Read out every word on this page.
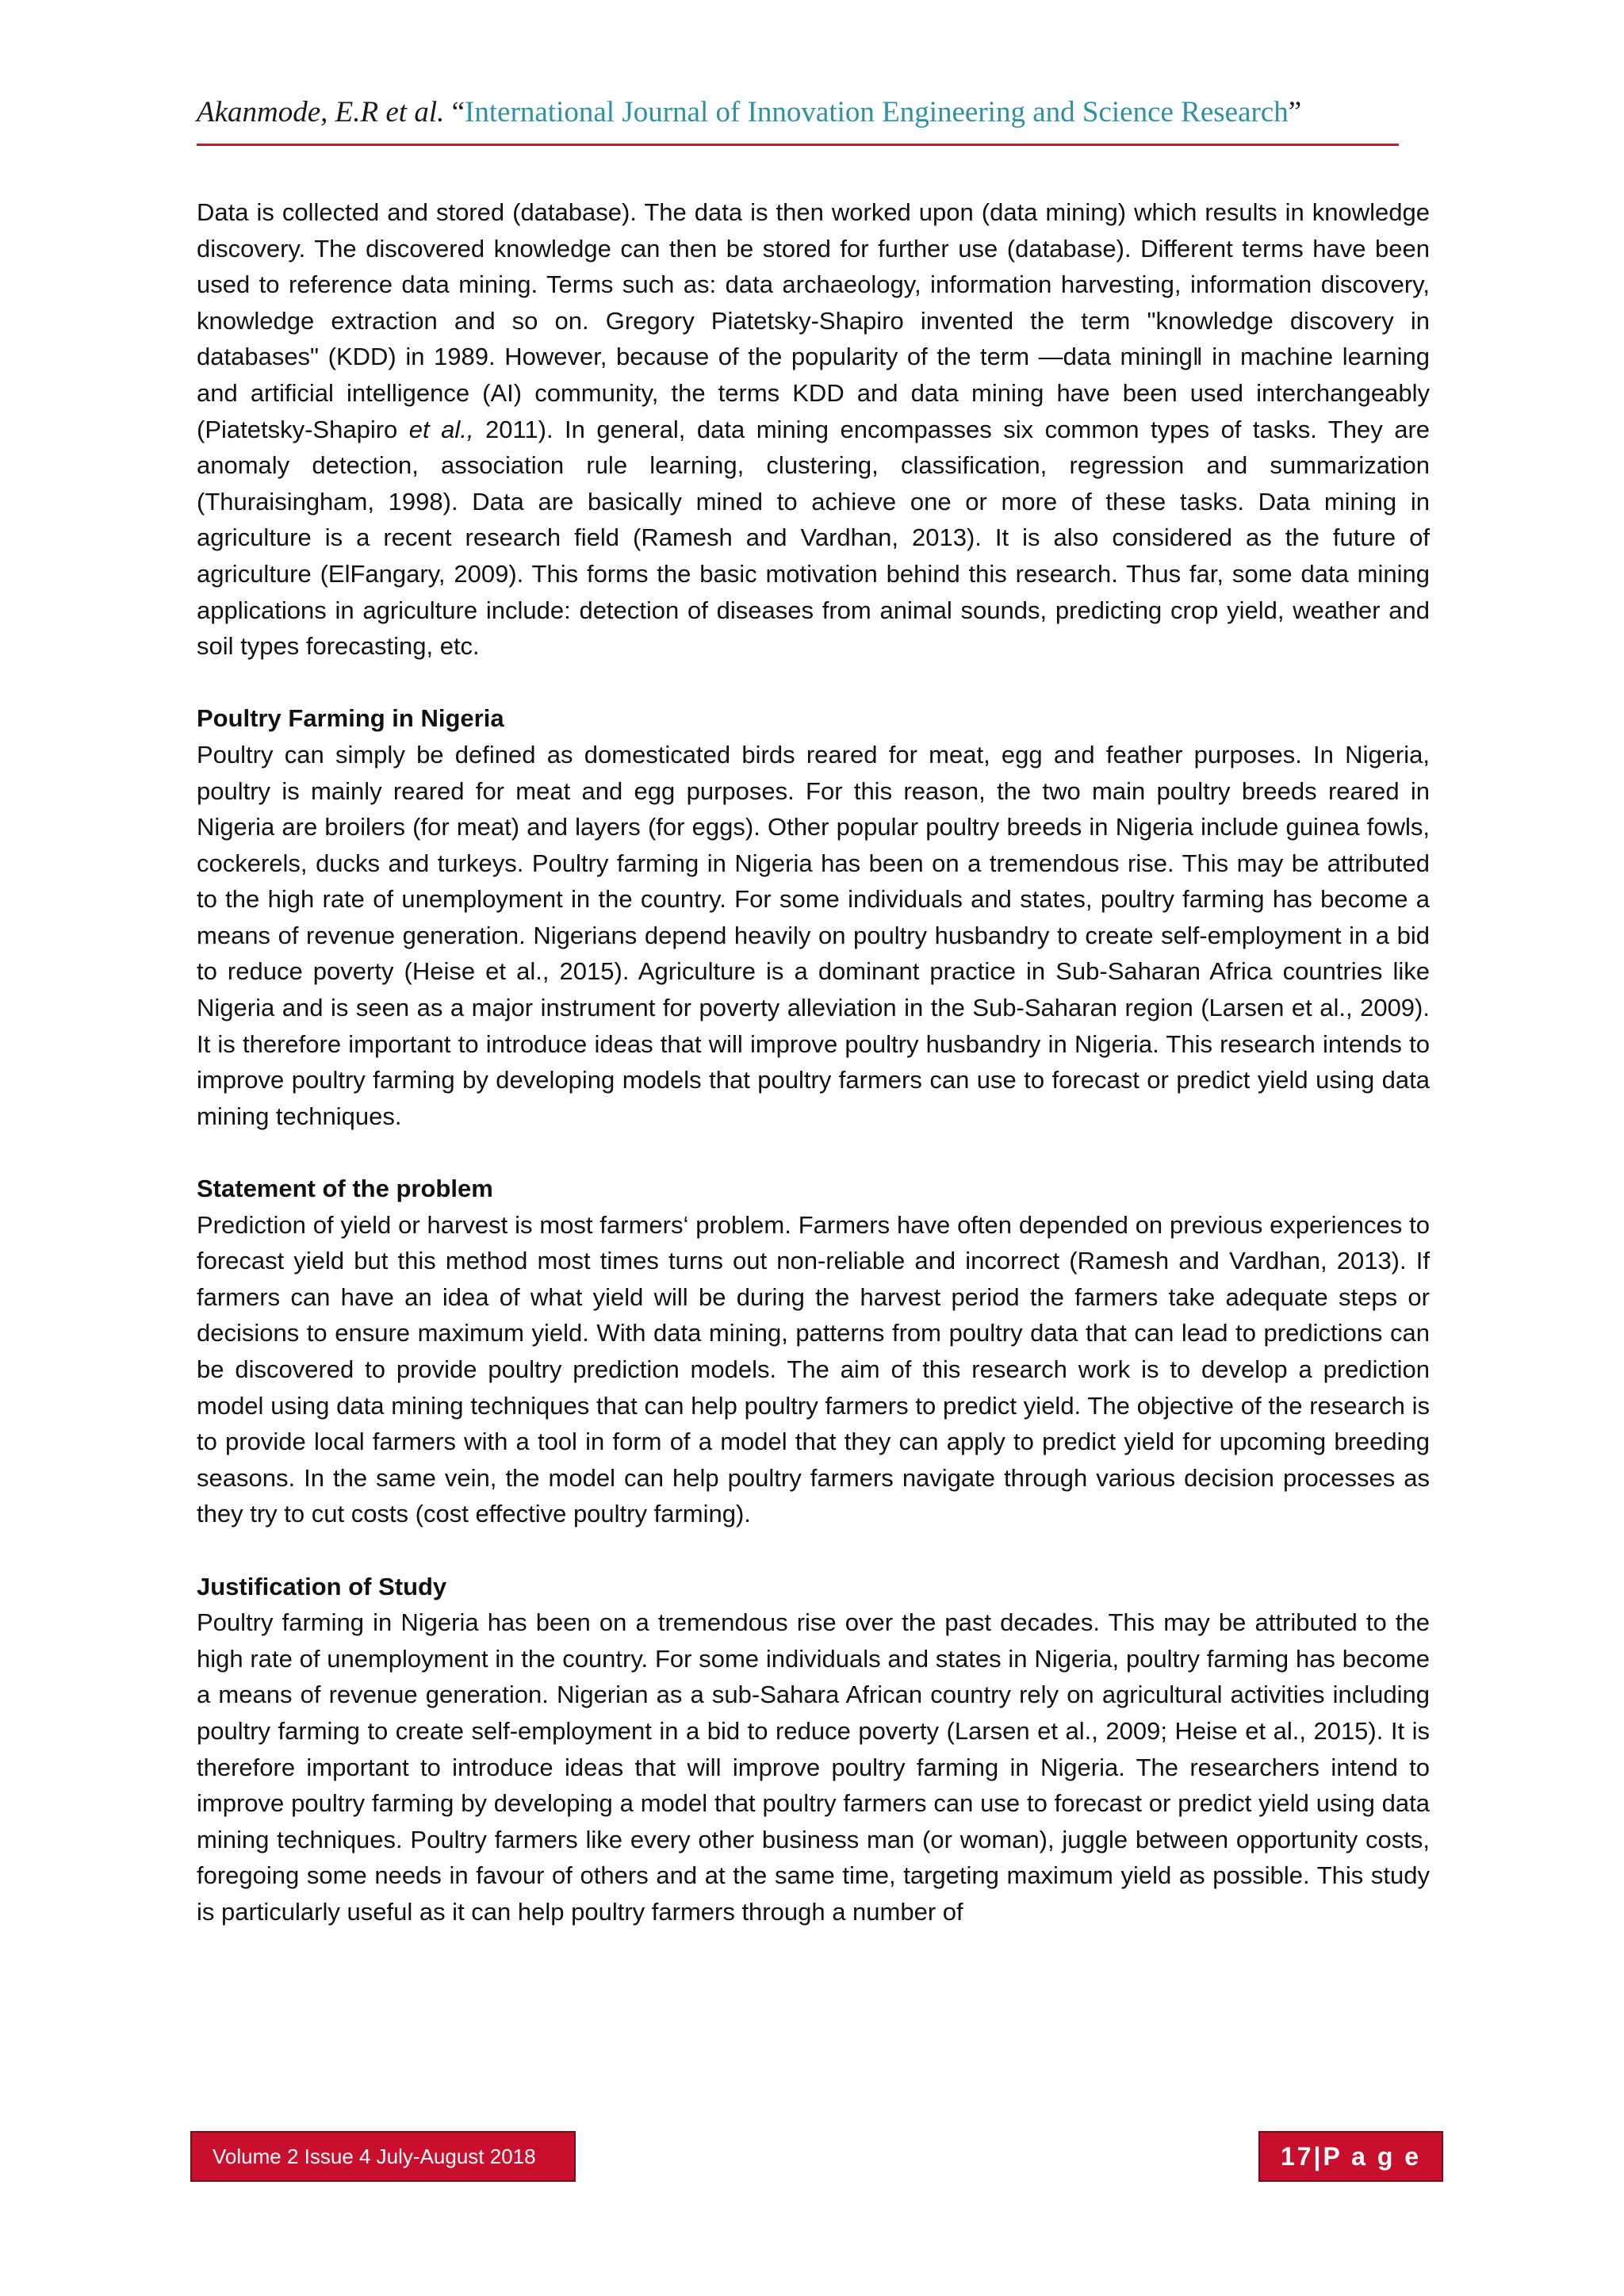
Akanmode, E.R et al. “International Journal of Innovation Engineering and Science Research”

Data is collected and stored (database). The data is then worked upon (data mining) which results in knowledge discovery. The discovered knowledge can then be stored for further use (database). Different terms have been used to reference data mining. Terms such as: data archaeology, information harvesting, information discovery, knowledge extraction and so on. Gregory Piatetsky-Shapiro invented the term "knowledge discovery in databases" (KDD) in 1989. However, because of the popularity of the term ―data mining‖ in machine learning and artificial intelligence (AI) community, the terms KDD and data mining have been used interchangeably (Piatetsky-Shapiro et al., 2011). In general, data mining encompasses six common types of tasks. They are anomaly detection, association rule learning, clustering, classification, regression and summarization (Thuraisingham, 1998). Data are basically mined to achieve one or more of these tasks. Data mining in agriculture is a recent research field (Ramesh and Vardhan, 2013). It is also considered as the future of agriculture (ElFangary, 2009). This forms the basic motivation behind this research. Thus far, some data mining applications in agriculture include: detection of diseases from animal sounds, predicting crop yield, weather and soil types forecasting, etc.

Poultry Farming in Nigeria

Poultry can simply be defined as domesticated birds reared for meat, egg and feather purposes. In Nigeria, poultry is mainly reared for meat and egg purposes. For this reason, the two main poultry breeds reared in Nigeria are broilers (for meat) and layers (for eggs). Other popular poultry breeds in Nigeria include guinea fowls, cockerels, ducks and turkeys. Poultry farming in Nigeria has been on a tremendous rise. This may be attributed to the high rate of unemployment in the country. For some individuals and states, poultry farming has become a means of revenue generation. Nigerians depend heavily on poultry husbandry to create self-employment in a bid to reduce poverty (Heise et al., 2015). Agriculture is a dominant practice in Sub-Saharan Africa countries like Nigeria and is seen as a major instrument for poverty alleviation in the Sub-Saharan region (Larsen et al., 2009). It is therefore important to introduce ideas that will improve poultry husbandry in Nigeria. This research intends to improve poultry farming by developing models that poultry farmers can use to forecast or predict yield using data mining techniques.

Statement of the problem

Prediction of yield or harvest is most farmers‘ problem. Farmers have often depended on previous experiences to forecast yield but this method most times turns out non-reliable and incorrect (Ramesh and Vardhan, 2013). If farmers can have an idea of what yield will be during the harvest period the farmers take adequate steps or decisions to ensure maximum yield. With data mining, patterns from poultry data that can lead to predictions can be discovered to provide poultry prediction models. The aim of this research work is to develop a prediction model using data mining techniques that can help poultry farmers to predict yield. The objective of the research is to provide local farmers with a tool in form of a model that they can apply to predict yield for upcoming breeding seasons. In the same vein, the model can help poultry farmers navigate through various decision processes as they try to cut costs (cost effective poultry farming).

Justification of Study

Poultry farming in Nigeria has been on a tremendous rise over the past decades. This may be attributed to the high rate of unemployment in the country. For some individuals and states in Nigeria, poultry farming has become a means of revenue generation. Nigerian as a sub-Sahara African country rely on agricultural activities including poultry farming to create self-employment in a bid to reduce poverty (Larsen et al., 2009; Heise et al., 2015). It is therefore important to introduce ideas that will improve poultry farming in Nigeria. The researchers intend to improve poultry farming by developing a model that poultry farmers can use to forecast or predict yield using data mining techniques. Poultry farmers like every other business man (or woman), juggle between opportunity costs, foregoing some needs in favour of others and at the same time, targeting maximum yield as possible. This study is particularly useful as it can help poultry farmers through a number of

Volume 2 Issue 4 July-August 2018	17|P a g e
